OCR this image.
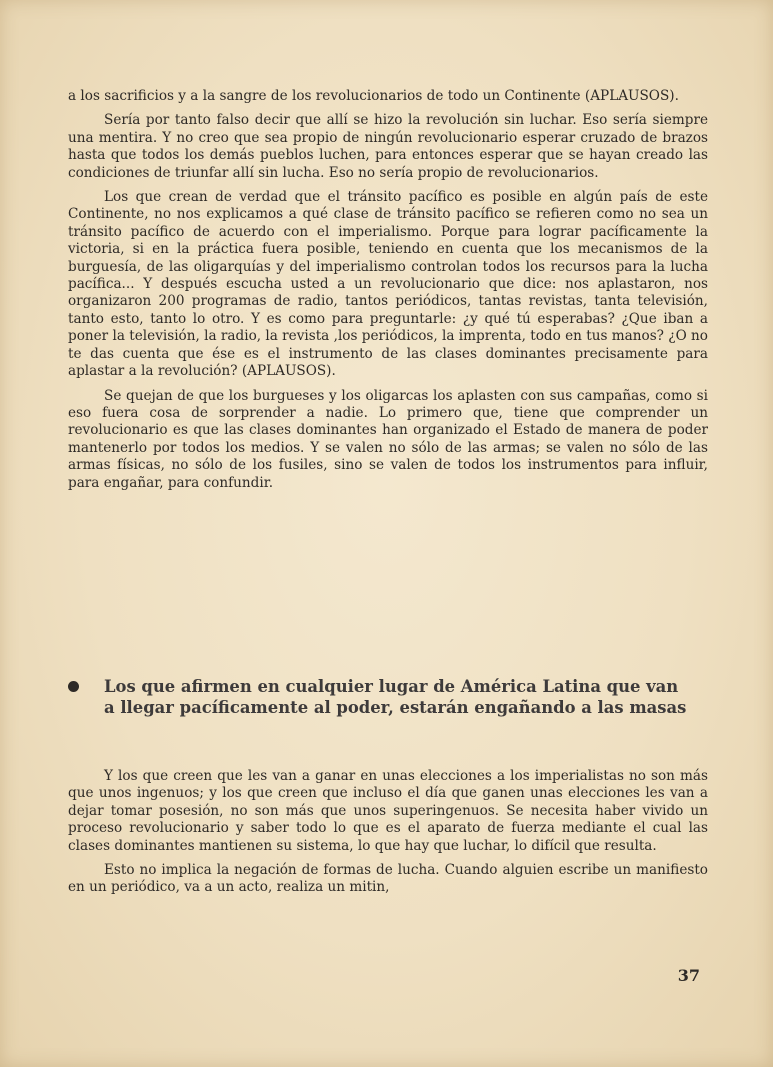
a los sacrificios y a la sangre de los revolucionarios de todo un Continente (APLAUSOS).

Sería por tanto falso decir que allí se hizo la revolución sin luchar. Eso sería siempre una mentira. Y no creo que sea propio de ningún revolucionario esperar cruzado de brazos hasta que todos los demás pueblos luchen, para entonces esperar que se hayan creado las condiciones de triunfar allí sin lucha. Eso no sería propio de revolucionarios.

Los que crean de verdad que el tránsito pacífico es posible en algún país de este Continente, no nos explicamos a qué clase de tránsito pacífico se refieren como no sea un tránsito pacífico de acuerdo con el imperialismo. Porque para lograr pacíficamente la victoria, si en la práctica fuera posible, teniendo en cuenta que los mecanismos de la burguesía, de las oligarquías y del imperialismo controlan todos los recursos para la lucha pacífica... Y después escucha usted a un revolucionario que dice: nos aplastaron, nos organizaron 200 programas de radio, tantos periódicos, tantas revistas, tanta televisión, tanto esto, tanto lo otro. Y es como para preguntarle: ¿y qué tú esperabas? ¿Que iban a poner la televisión, la radio, la revista ,los periódicos, la imprenta, todo en tus manos? ¿O no te das cuenta que ése es el instrumento de las clases dominantes precisamente para aplastar a la revolución? (APLAUSOS).

Se quejan de que los burgueses y los oligarcas los aplasten con sus campañas, como si eso fuera cosa de sorprender a nadie. Lo primero que, tiene que comprender un revolucionario es que las clases dominantes han organizado el Estado de manera de poder mantenerlo por todos los medios. Y se valen no sólo de las armas; se valen no sólo de las armas físicas, no sólo de los fusiles, sino se valen de todos los instrumentos para influir, para engañar, para confundir.

Los que afirmen en cualquier lugar de América Latina que van a llegar pacíficamente al poder, estarán engañando a las masas

Y los que creen que les van a ganar en unas elecciones a los imperialistas no son más que unos ingenuos; y los que creen que incluso el día que ganen unas elecciones les van a dejar tomar posesión, no son más que unos superingenuos. Se necesita haber vivido un proceso revolucionario y saber todo lo que es el aparato de fuerza mediante el cual las clases dominantes mantienen su sistema, lo que hay que luchar, lo difícil que resulta.

Esto no implica la negación de formas de lucha. Cuando alguien escribe un manifiesto en un periódico, va a un acto, realiza un mitin,

37
